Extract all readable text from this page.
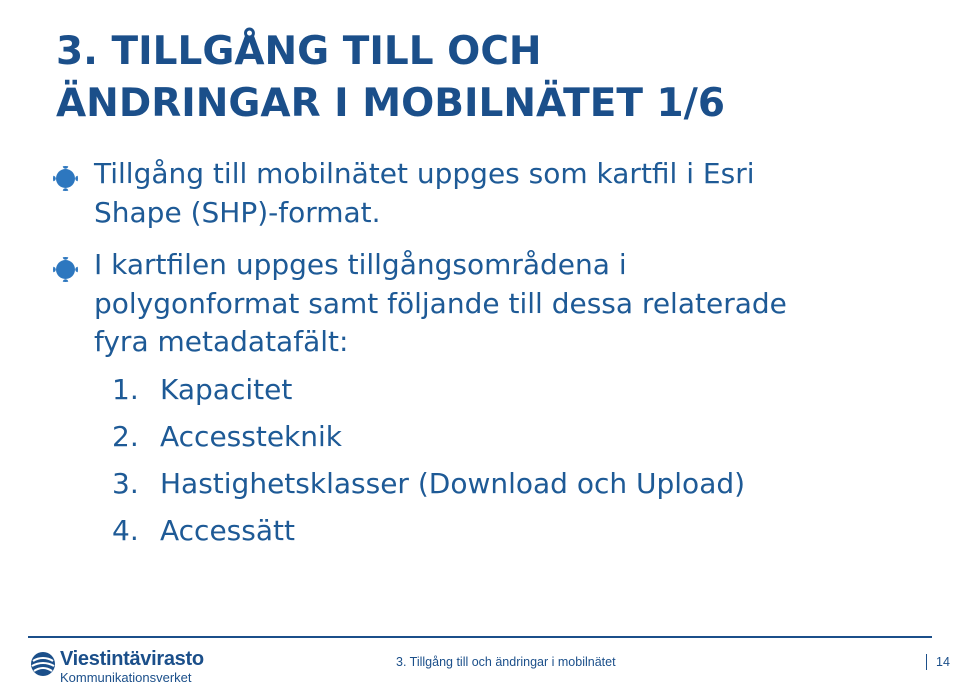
3. TILLGÅNG TILL OCH
ÄNDRINGAR I MOBILNÄTET 1/6
Tillgång till mobilnätet uppges som kartfil i Esri
Shape (SHP)-format.
I kartfilen uppges tillgångsområdena i
polygonformat samt följande till dessa relaterade
fyra metadatafält:
1. Kapacitet
2. Accessteknik
3. Hastighetsklasser (Download och Upload)
4. Accessätt
Viestintävirasto
Kommunikationsverket
3. Tillgång till och ändringar i mobilnätet	14
